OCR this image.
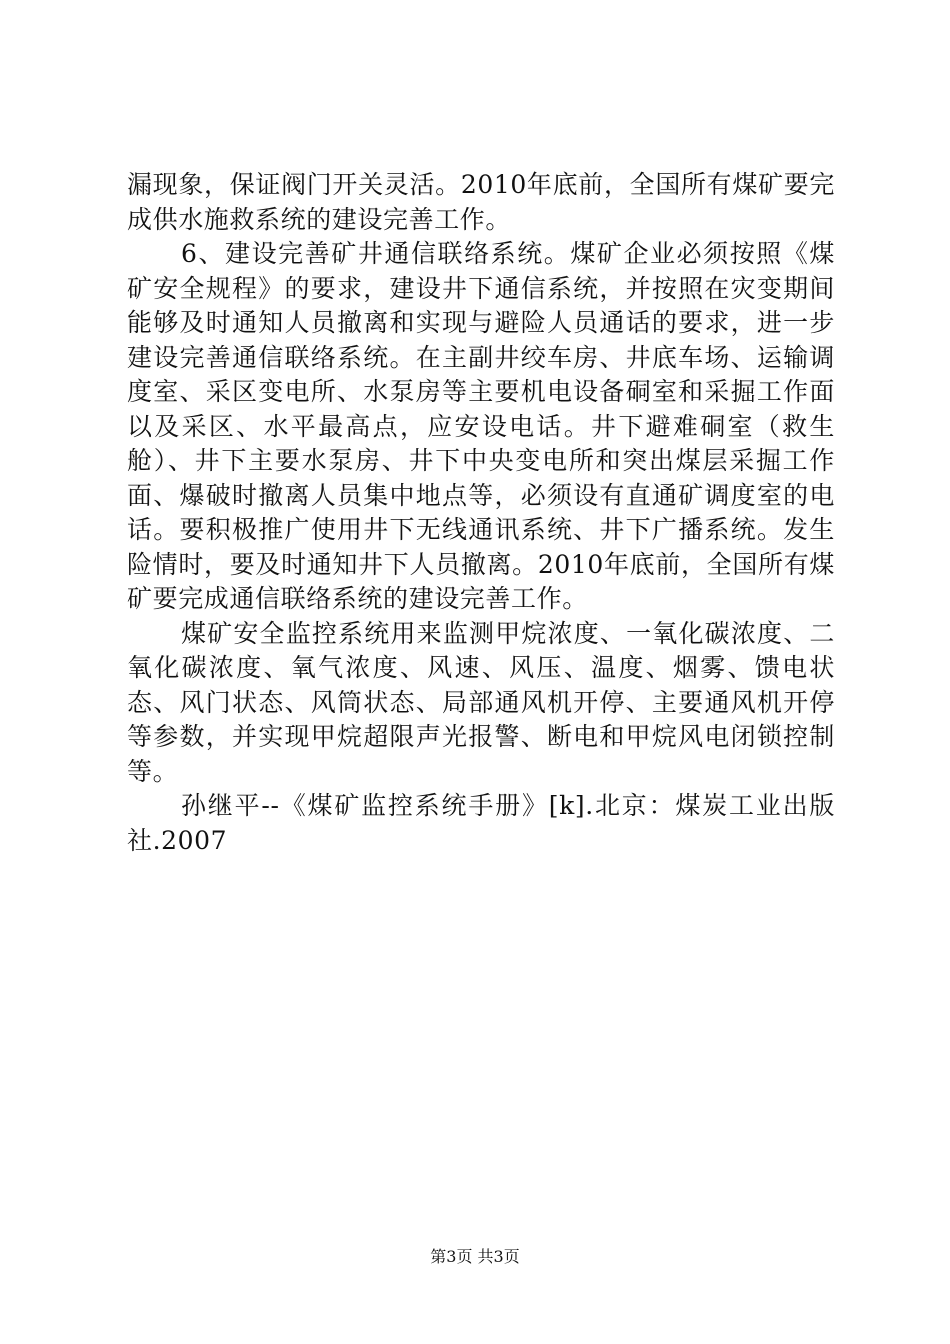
漏现象，保证阀门开关灵活。2010年底前，全国所有煤矿要完成供水施救系统的建设完善工作。

6、建设完善矿井通信联络系统。煤矿企业必须按照《煤矿安全规程》的要求，建设井下通信系统，并按照在灾变期间能够及时通知人员撤离和实现与避险人员通话的要求，进一步建设完善通信联络系统。在主副井绞车房、井底车场、运输调度室、采区变电所、水泵房等主要机电设备硐室和采掘工作面以及采区、水平最高点，应安设电话。井下避难硐室（救生舱）、井下主要水泵房、井下中央变电所和突出煤层采掘工作面、爆破时撤离人员集中地点等，必须设有直通矿调度室的电话。要积极推广使用井下无线通讯系统、井下广播系统。发生险情时，要及时通知井下人员撤离。2010年底前，全国所有煤矿要完成通信联络系统的建设完善工作。

煤矿安全监控系统用来监测甲烷浓度、一氧化碳浓度、二氧化碳浓度、氧气浓度、风速、风压、温度、烟雾、馈电状态、风门状态、风筒状态、局部通风机开停、主要通风机开停等参数，并实现甲烷超限声光报警、断电和甲烷风电闭锁控制等。

孙继平--《煤矿监控系统手册》[k].北京：煤炭工业出版社.2007

第3页 共3页
